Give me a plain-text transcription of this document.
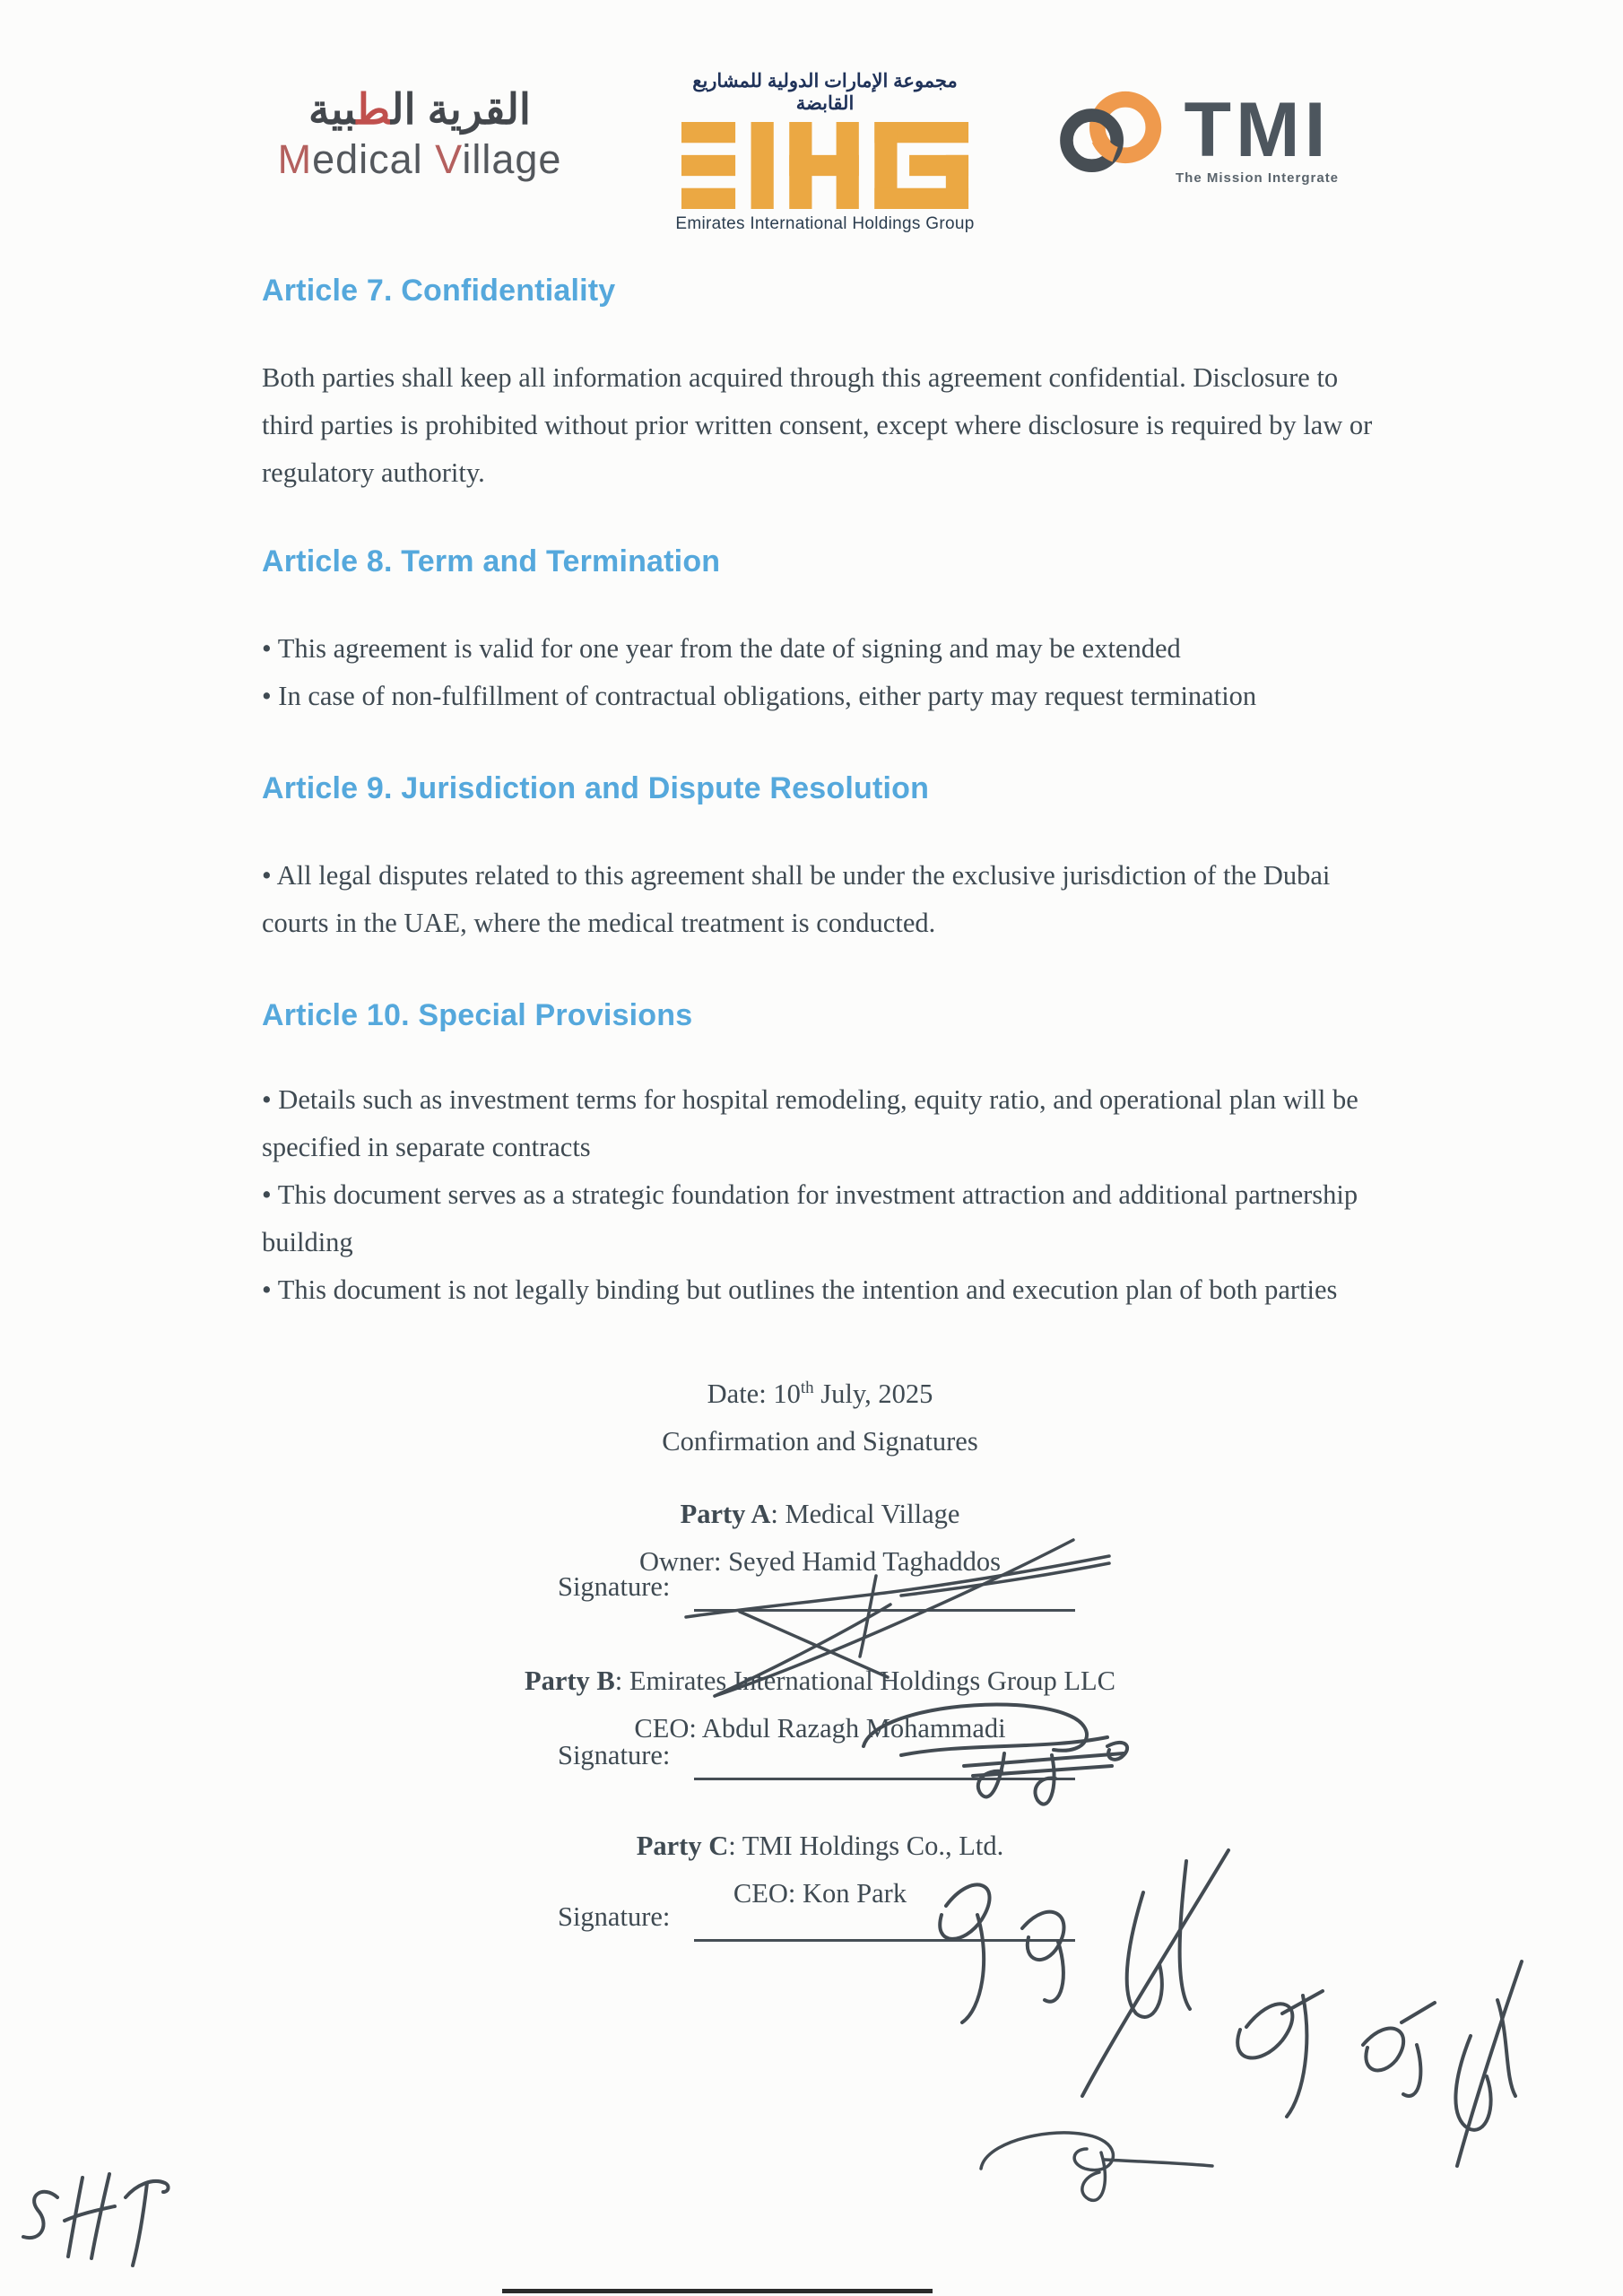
القرية ال‍‍ط‍‍بية
Medical Village
مجموعة الإمارات الدولية للمشاريع القابضة
Emirates International Holdings Group
TMI
The Mission Intergrate
Article 7. Confidentiality

Both parties shall keep all information acquired through this agreement confidential. Disclosure to third parties is prohibited without prior written consent, except where disclosure is required by law or regulatory authority.

Article 8. Term and Termination

• This agreement is valid for one year from the date of signing and may be extended

• In case of non-fulfillment of contractual obligations, either party may request termination

Article 9. Jurisdiction and Dispute Resolution

• All legal disputes related to this agreement shall be under the exclusive jurisdiction of the Dubai courts in the UAE, where the medical treatment is conducted.

Article 10. Special Provisions

• Details such as investment terms for hospital remodeling, equity ratio, and operational plan will be specified in separate contracts

• This document serves as a strategic foundation for investment attraction and additional partnership building

• This document is not legally binding but outlines the intention and execution plan of both parties

Date: 10th July, 2025
Confirmation and Signatures
Party A: Medical Village
Owner: Seyed Hamid Taghaddos
Signature:
Party B: Emirates International Holdings Group LLC
CEO: Abdul Razagh Mohammadi
Signature:
Party C: TMI Holdings Co., Ltd.
CEO: Kon Park
Signature:
